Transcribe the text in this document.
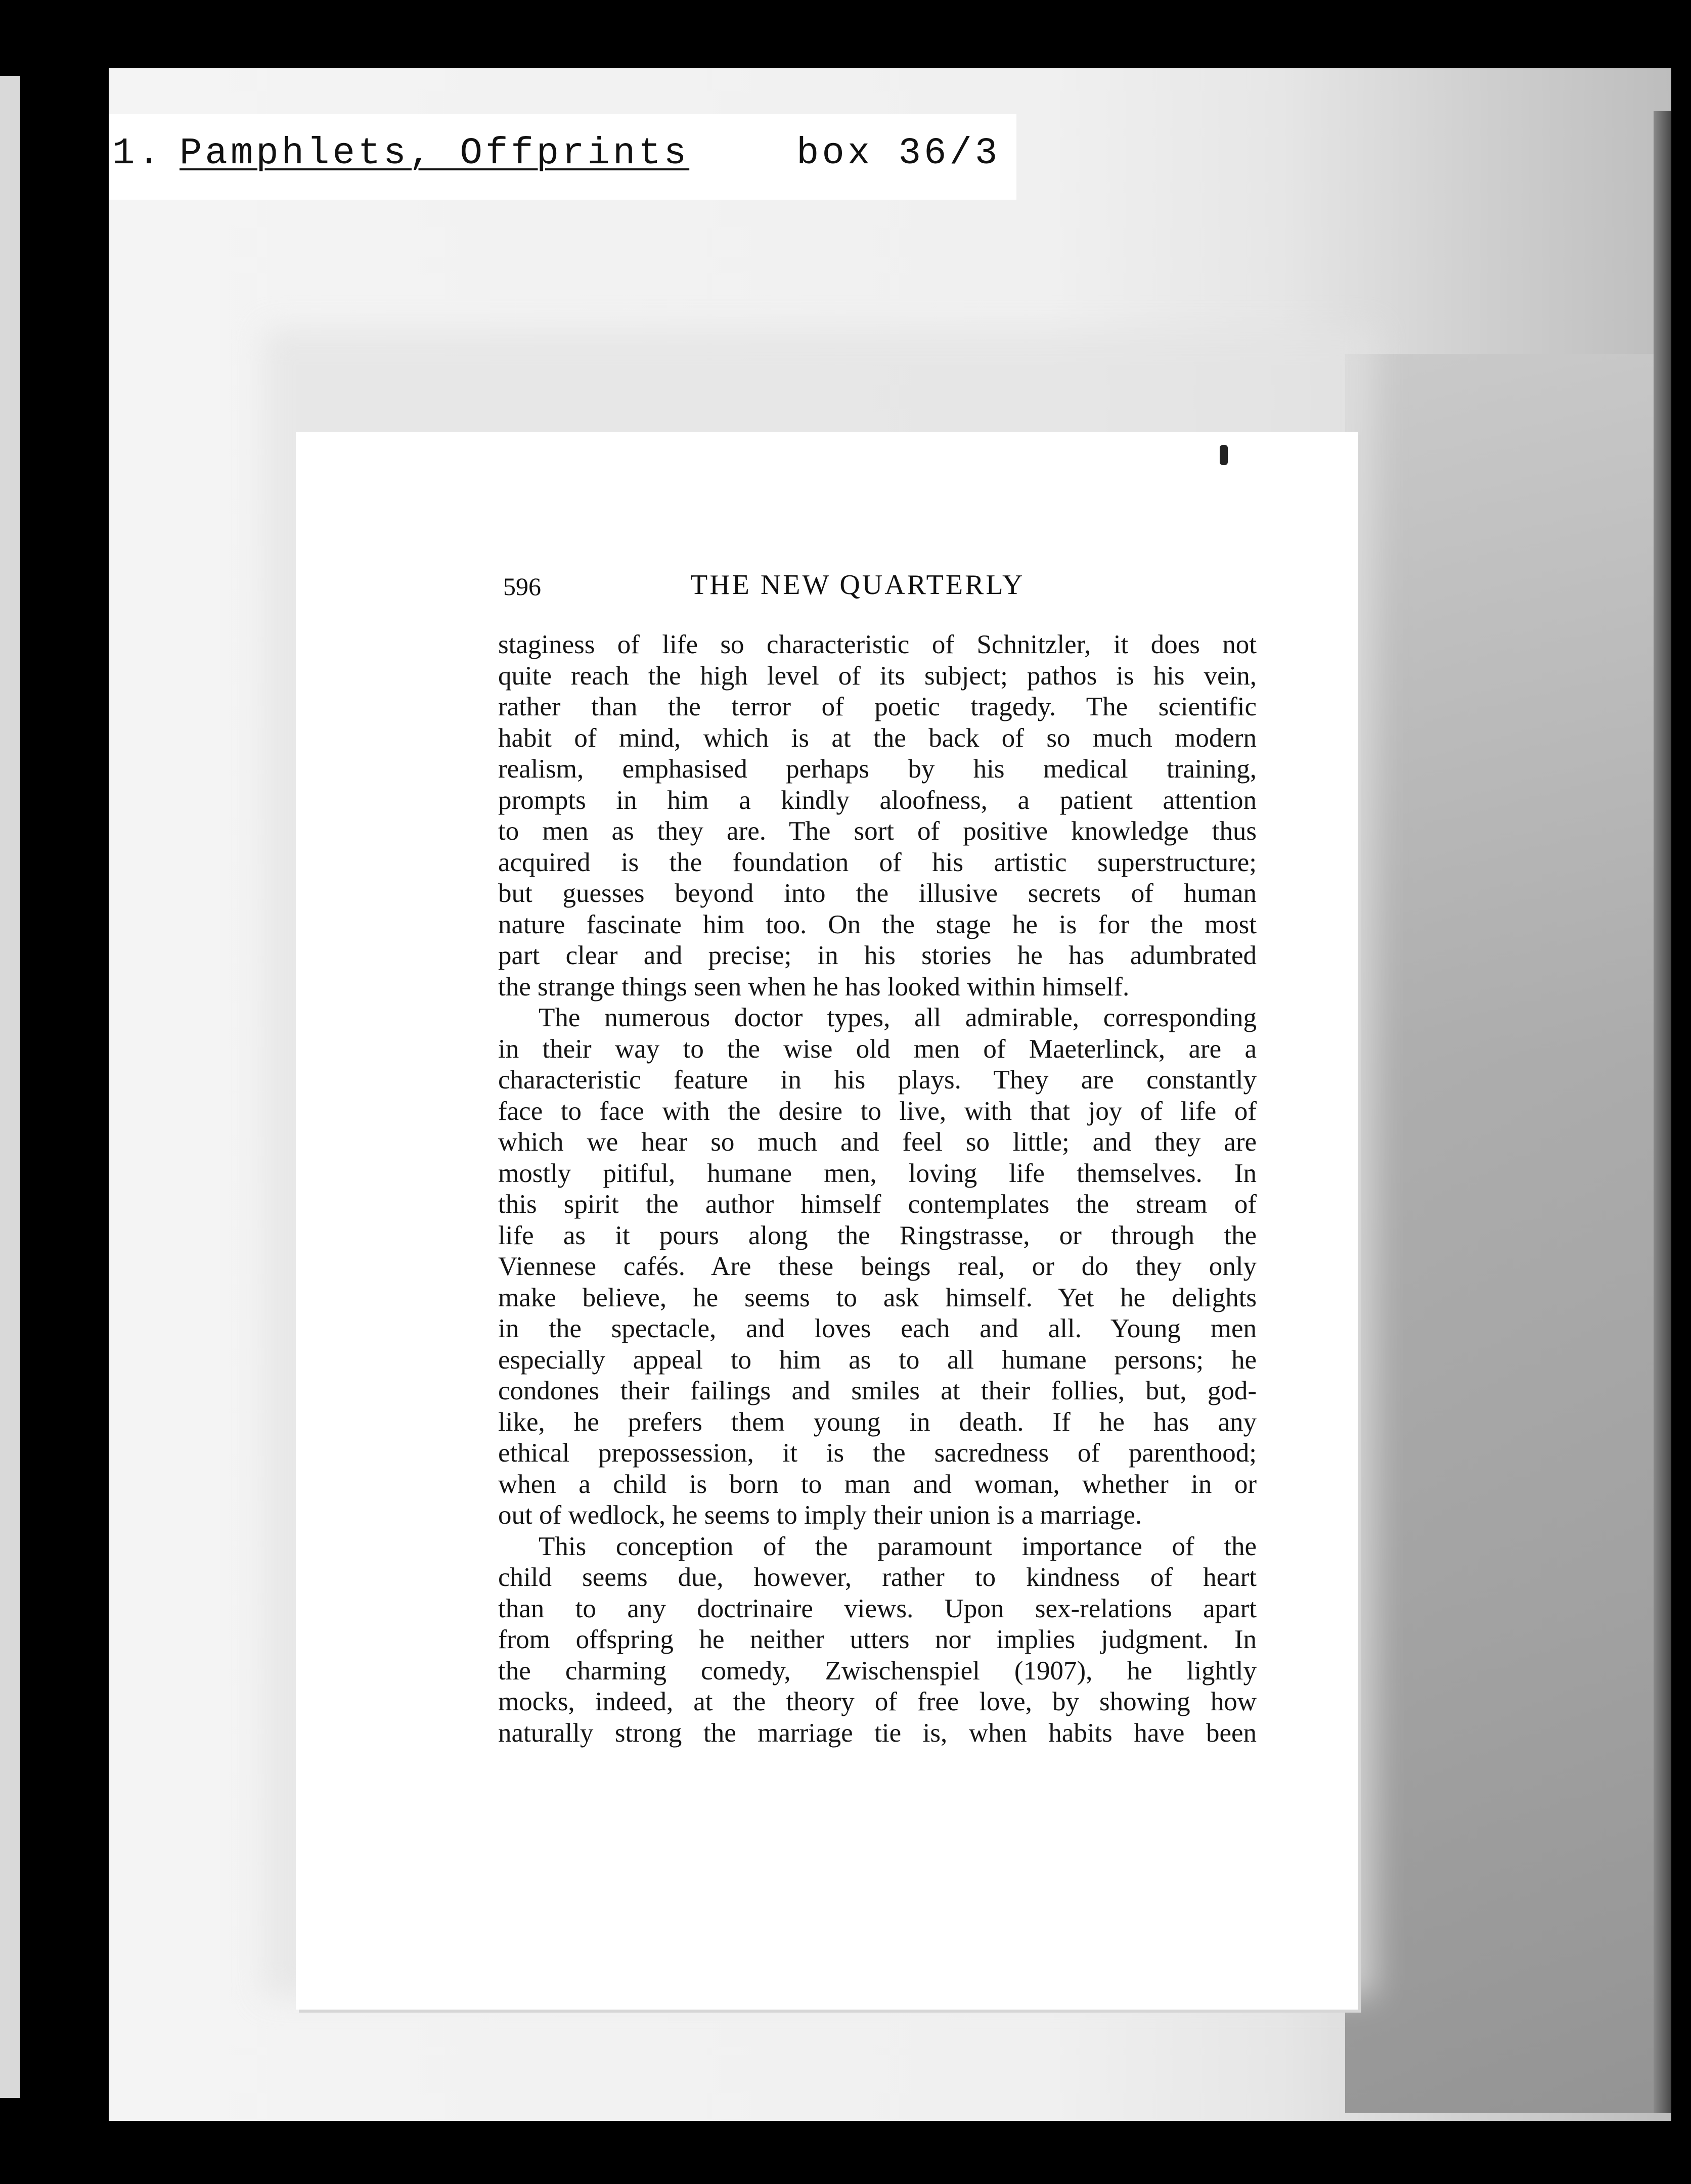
1. Pamphlets, Offprints	box 36/3
596	THE NEW QUARTERLY
staginess of life so characteristic of Schnitzler, it does not
quite reach the high level of its subject; pathos is his vein,
rather than the terror of poetic tragedy. The scientific
habit of mind, which is at the back of so much modern
realism, emphasised perhaps by his medical training,
prompts in him a kindly aloofness, a patient attention
to men as they are. The sort of positive knowledge thus
acquired is the foundation of his artistic superstructure;
but guesses beyond into the illusive secrets of human
nature fascinate him too. On the stage he is for the most
part clear and precise; in his stories he has adumbrated
the strange things seen when he has looked within himself.
The numerous doctor types, all admirable, corresponding
in their way to the wise old men of Maeterlinck, are a
characteristic feature in his plays. They are constantly
face to face with the desire to live, with that joy of life of
which we hear so much and feel so little; and they are
mostly pitiful, humane men, loving life themselves. In
this spirit the author himself contemplates the stream of
life as it pours along the Ringstrasse, or through the
Viennese cafés. Are these beings real, or do they only
make believe, he seems to ask himself. Yet he delights
in the spectacle, and loves each and all. Young men
especially appeal to him as to all humane persons; he
condones their failings and smiles at their follies, but, god-
like, he prefers them young in death. If he has any
ethical prepossession, it is the sacredness of parenthood;
when a child is born to man and woman, whether in or
out of wedlock, he seems to imply their union is a marriage.
This conception of the paramount importance of the
child seems due, however, rather to kindness of heart
than to any doctrinaire views. Upon sex-relations apart
from offspring he neither utters nor implies judgment. In
the charming comedy, Zwischenspiel (1907), he lightly
mocks, indeed, at the theory of free love, by showing how
naturally strong the marriage tie is, when habits have been
